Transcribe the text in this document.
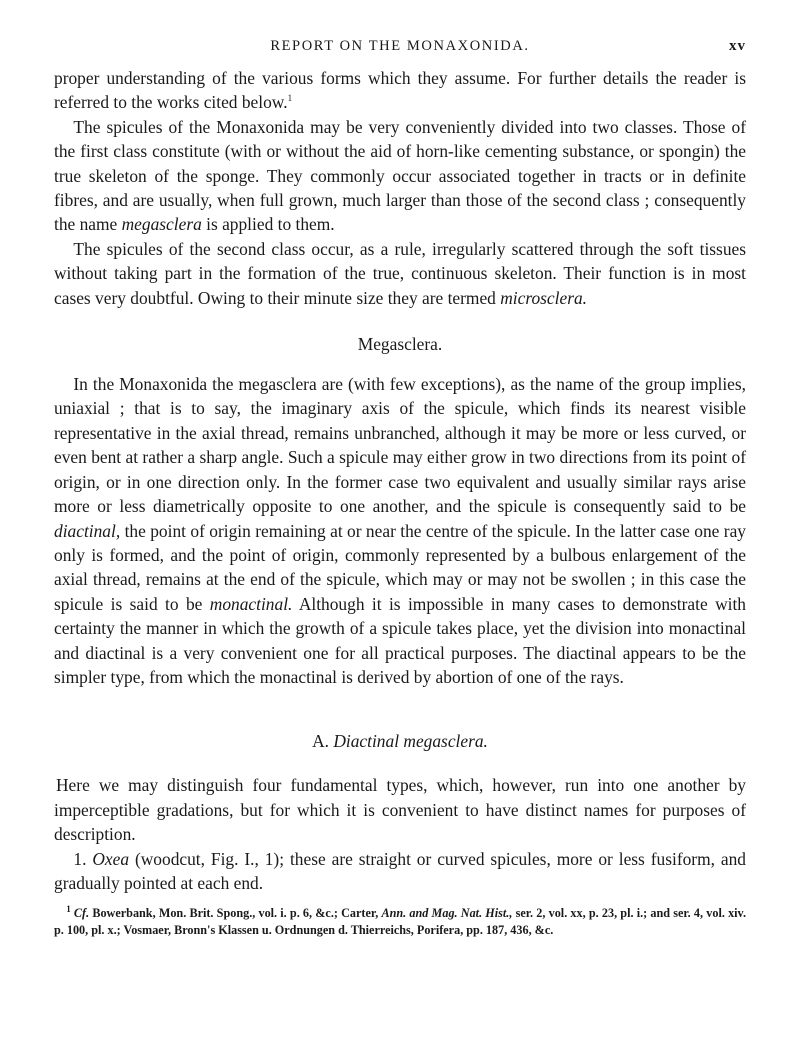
REPORT ON THE MONAXONIDA.	xv

proper understanding of the various forms which they assume. For further details the reader is referred to the works cited below.$^1$

 The spicules of the Monaxonida may be very conveniently divided into two classes. Those of the first class constitute (with or without the aid of horn-like cementing substance, or spongin) the true skeleton of the sponge. They commonly occur associated together in tracts or in definite fibres, and are usually, when full grown, much larger than those of the second class ; consequently the name megasclera is applied to them.

 The spicules of the second class occur, as a rule, irregularly scattered through the soft tissues without taking part in the formation of the true, continuous skeleton. Their function is in most cases very doubtful. Owing to their minute size they are termed microsclera.

Megasclera.

 In the Monaxonida the megasclera are (with few exceptions), as the name of the group implies, uniaxial ; that is to say, the imaginary axis of the spicule, which finds its nearest visible representative in the axial thread, remains unbranched, although it may be more or less curved, or even bent at rather a sharp angle. Such a spicule may either grow in two directions from its point of origin, or in one direction only. In the former case two equivalent and usually similar rays arise more or less diametrically opposite to one another, and the spicule is consequently said to be diactinal, the point of origin remaining at or near the centre of the spicule. In the latter case one ray only is formed, and the point of origin, commonly represented by a bulbous enlargement of the axial thread, remains at the end of the spicule, which may or may not be swollen ; in this case the spicule is said to be monactinal. Although it is impossible in many cases to demonstrate with certainty the manner in which the growth of a spicule takes place, yet the division into monactinal and diactinal is a very convenient one for all practical purposes. The diactinal appears to be the simpler type, from which the monactinal is derived by abortion of one of the rays.

A. Diactinal megasclera.

Here we may distinguish four fundamental types, which, however, run into one another by imperceptible gradations, but for which it is convenient to have distinct names for purposes of description.

 1. Oxea (woodcut, Fig. I., 1); these are straight or curved spicules, more or less fusiform, and gradually pointed at each end.

 $^1$ Cf. Bowerbank, Mon. Brit. Spong., vol. i. p. 6, &c.; Carter, Ann. and Mag. Nat. Hist., ser. 2, vol. xx, p. 23, pl. i.; and ser. 4, vol. xiv. p. 100, pl. x.; Vosmaer, Bronn's Klassen u. Ordnungen d. Thierreichs, Porifera, pp. 187, 436, &c.
